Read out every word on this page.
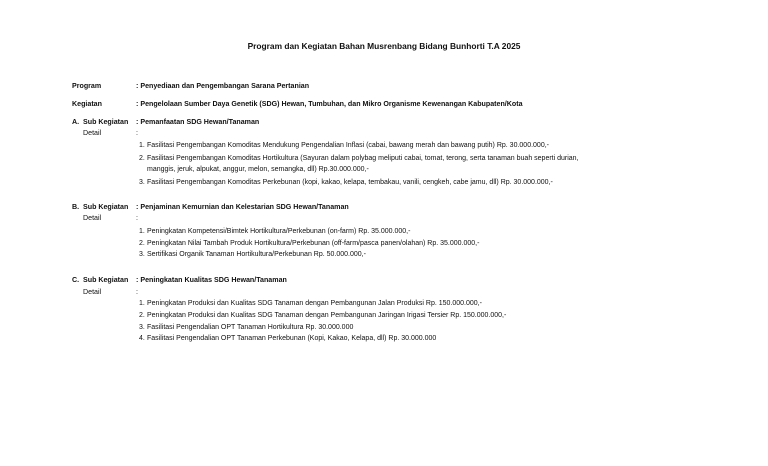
Program dan Kegiatan Bahan Musrenbang Bidang Bunhorti T.A 2025
Program	: Penyediaan dan Pengembangan Sarana Pertanian
Kegiatan	: Pengelolaan Sumber Daya Genetik (SDG) Hewan, Tumbuhan, dan Mikro Organisme Kewenangan Kabupaten/Kota
A. Sub Kegiatan : Pemanfaatan SDG Hewan/Tanaman
Detail	:
1. Fasilitasi Pengembangan Komoditas Mendukung Pengendalian Inflasi (cabai, bawang merah dan bawang putih) Rp. 30.000.000,-
2. Fasilitasi Pengembangan Komoditas Hortikultura (Sayuran dalam polybag meliputi cabai, tomat, terong, serta tanaman buah seperti durian,
manggis, jeruk, alpukat, anggur, melon, semangka, dll) Rp.30.000.000,-
3. Fasilitasi Pengembangan Komoditas Perkebunan (kopi, kakao, kelapa, tembakau, vanili, cengkeh, cabe jamu, dll) Rp. 30.000.000,-
B. Sub Kegiatan : Penjaminan Kemurnian dan Kelestarian SDG Hewan/Tanaman
Detail	:
1. Peningkatan Kompetensi/Bimtek Hortikultura/Perkebunan (on-farm) Rp. 35.000.000,-
2. Peningkatan Nilai Tambah Produk Hortikultura/Perkebunan (off-farm/pasca panen/olahan) Rp. 35.000.000,-
3. Sertifikasi Organik Tanaman Hortikultura/Perkebunan Rp. 50.000.000,-
C. Sub Kegiatan : Peningkatan Kualitas SDG Hewan/Tanaman
Detail	:
1. Peningkatan Produksi dan Kualitas SDG Tanaman dengan Pembangunan Jalan Produksi Rp. 150.000.000,-
2. Peningkatan Produksi dan Kualitas SDG Tanaman dengan Pembangunan Jaringan Irigasi Tersier Rp. 150.000.000,-
3. Fasilitasi Pengendalian OPT Tanaman Hortikultura Rp. 30.000.000
4. Fasilitasi Pengendalian OPT Tanaman Perkebunan (Kopi, Kakao, Kelapa, dll) Rp. 30.000.000
